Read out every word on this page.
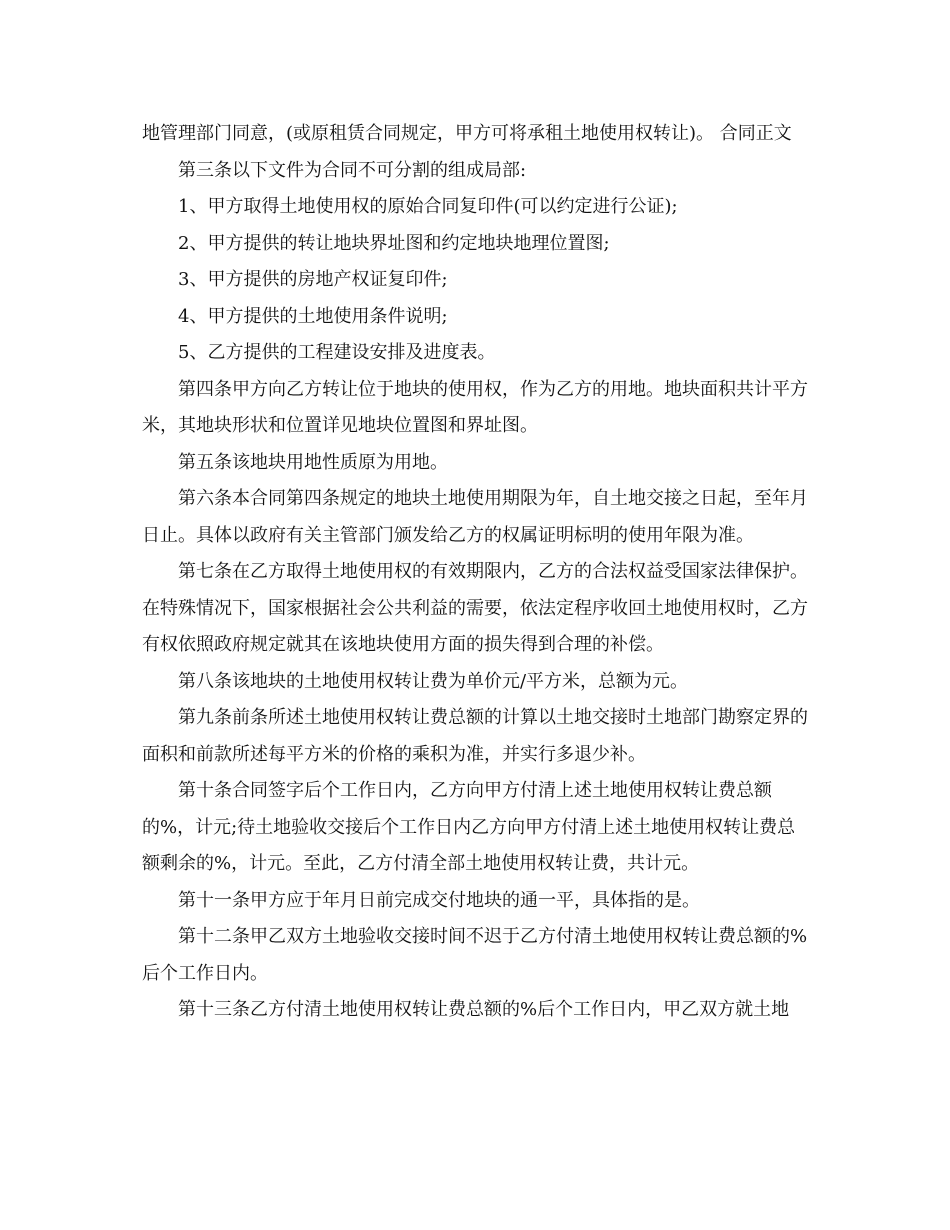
地管理部门同意，(或原租赁合同规定，甲方可将承租土地使用权转让)。 合同正文

第三条以下文件为合同不可分割的组成局部:

1、甲方取得土地使用权的原始合同复印件(可以约定进行公证);

2、甲方提供的转让地块界址图和约定地块地理位置图;

3、甲方提供的房地产权证复印件;

4、甲方提供的土地使用条件说明;

5、乙方提供的工程建设安排及进度表。

第四条甲方向乙方转让位于地块的使用权，作为乙方的用地。地块面积共计平方米，其地块形状和位置详见地块位置图和界址图。

第五条该地块用地性质原为用地。

第六条本合同第四条规定的地块土地使用期限为年，自土地交接之日起，至年月日止。具体以政府有关主管部门颁发给乙方的权属证明标明的使用年限为准。

第七条在乙方取得土地使用权的有效期限内，乙方的合法权益受国家法律保护。在特殊情况下，国家根据社会公共利益的需要，依法定程序收回土地使用权时，乙方有权依照政府规定就其在该地块使用方面的损失得到合理的补偿。

第八条该地块的土地使用权转让费为单价元/平方米，总额为元。

第九条前条所述土地使用权转让费总额的计算以土地交接时土地部门勘察定界的面积和前款所述每平方米的价格的乘积为准，并实行多退少补。

第十条合同签字后个工作日内，乙方向甲方付清上述土地使用权转让费总额的%，计元;待土地验收交接后个工作日内乙方向甲方付清上述土地使用权转让费总额剩余的%，计元。至此，乙方付清全部土地使用权转让费，共计元。

第十一条甲方应于年月日前完成交付地块的通一平，具体指的是。

第十二条甲乙双方土地验收交接时间不迟于乙方付清土地使用权转让费总额的%后个工作日内。

第十三条乙方付清土地使用权转让费总额的%后个工作日内，甲乙双方就土地
